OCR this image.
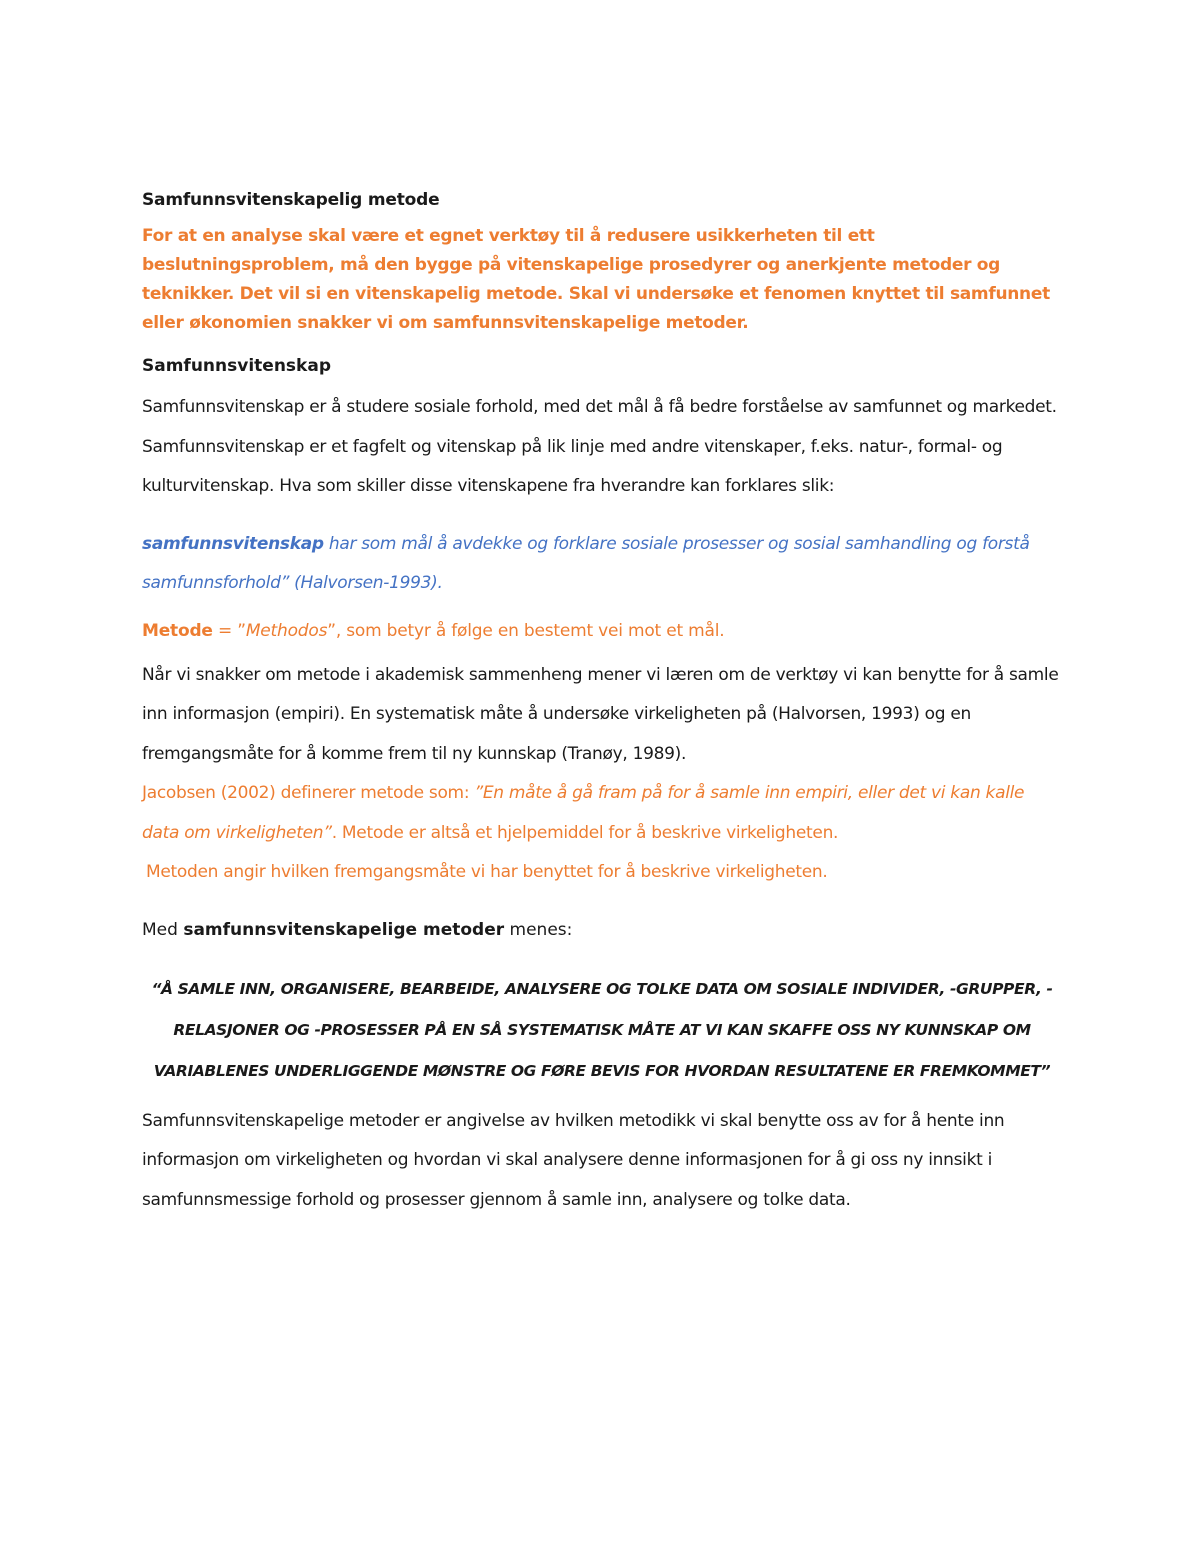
Samfunnsvitenskapelig metode

For at en analyse skal være et egnet verktøy til å redusere usikkerheten til ett beslutningsproblem, må den bygge på vitenskapelige prosedyrer og anerkjente metoder og teknikker. Det vil si en vitenskapelig metode. Skal vi undersøke et fenomen knyttet til samfunnet eller økonomien snakker vi om samfunnsvitenskapelige metoder.

Samfunnsvitenskap

Samfunnsvitenskap er å studere sosiale forhold, med det mål å få bedre forståelse av samfunnet og markedet. Samfunnsvitenskap er et fagfelt og vitenskap på lik linje med andre vitenskaper, f.eks. natur-, formal- og kulturvitenskap. Hva som skiller disse vitenskapene fra hverandre kan forklares slik:

samfunnsvitenskap har som mål å avdekke og forklare sosiale prosesser og sosial samhandling og forstå samfunnsforhold” (Halvorsen-1993).

Metode = ”Methodos”, som betyr å følge en bestemt vei mot et mål.

Når vi snakker om metode i akademisk sammenheng mener vi læren om de verktøy vi kan benytte for å samle inn informasjon (empiri). En systematisk måte å undersøke virkeligheten på (Halvorsen, 1993) og en fremgangsmåte for å komme frem til ny kunnskap (Tranøy, 1989).

Jacobsen (2002) definerer metode som: ”En måte å gå fram på for å samle inn empiri, eller det vi kan kalle data om virkeligheten”. Metode er altså et hjelpemiddel for å beskrive virkeligheten.

Metoden angir hvilken fremgangsmåte vi har benyttet for å beskrive virkeligheten.

Med samfunnsvitenskapelige metoder menes:

“Å SAMLE INN, ORGANISERE, BEARBEIDE, ANALYSERE OG TOLKE DATA OM SOSIALE INDIVIDER, -GRUPPER, -RELASJONER OG -PROSESSER PÅ EN SÅ SYSTEMATISK MÅTE AT VI KAN SKAFFE OSS NY KUNNSKAP OM VARIABLENES UNDERLIGGENDE MØNSTRE OG FØRE BEVIS FOR HVORDAN RESULTATENE ER FREMKOMMET”

Samfunnsvitenskapelige metoder er angivelse av hvilken metodikk vi skal benytte oss av for å hente inn informasjon om virkeligheten og hvordan vi skal analysere denne informasjonen for å gi oss ny innsikt i samfunnsmessige forhold og prosesser gjennom å samle inn, analysere og tolke data.
